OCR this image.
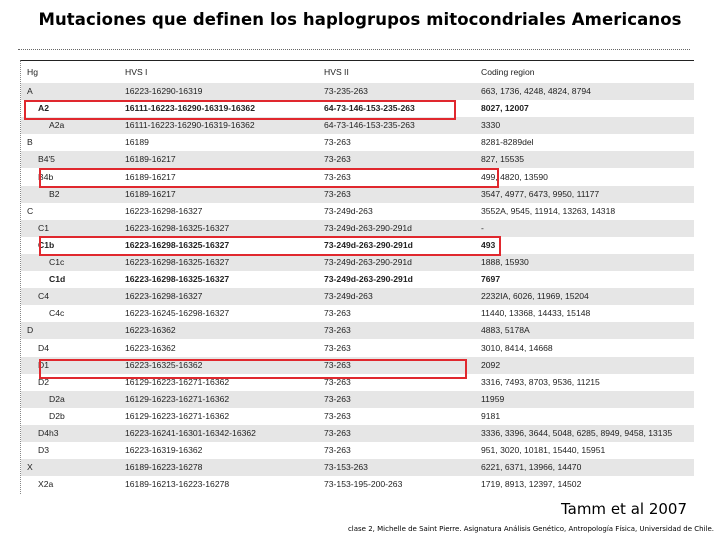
Mutaciones que definen los haplogrupos mitocondriales Americanos
Hg	HVS I	HVS II	Coding region
A	16223-16290-16319	73-235-263	663, 1736, 4248, 4824, 8794
A2	16111-16223-16290-16319-16362	64-73-146-153-235-263	8027, 12007
A2a	16111-16223-16290-16319-16362	64-73-146-153-235-263	3330
B	16189	73-263	8281-8289del
B4'5	16189-16217	73-263	827, 15535
B4b	16189-16217	73-263	499, 4820, 13590
B2	16189-16217	73-263	3547, 4977, 6473, 9950, 11177
C	16223-16298-16327	73-249d-263	3552A, 9545, 11914, 13263, 14318
C1	16223-16298-16325-16327	73-249d-263-290-291d	-
C1b	16223-16298-16325-16327	73-249d-263-290-291d	493
C1c	16223-16298-16325-16327	73-249d-263-290-291d	1888, 15930
C1d	16223-16298-16325-16327	73-249d-263-290-291d	7697
C4	16223-16298-16327	73-249d-263	2232IA, 6026, 11969, 15204
C4c	16223-16245-16298-16327	73-263	11440, 13368, 14433, 15148
D	16223-16362	73-263	4883, 5178A
D4	16223-16362	73-263	3010, 8414, 14668
D1	16223-16325-16362	73-263	2092
D2	16129-16223-16271-16362	73-263	3316, 7493, 8703, 9536, 11215
D2a	16129-16223-16271-16362	73-263	11959
D2b	16129-16223-16271-16362	73-263	9181
D4h3	16223-16241-16301-16342-16362	73-263	3336, 3396, 3644, 5048, 6285, 8949, 9458, 13135
D3	16223-16319-16362	73-263	951, 3020, 10181, 15440, 15951
X	16189-16223-16278	73-153-263	6221, 6371, 13966, 14470
X2a	16189-16213-16223-16278	73-153-195-200-263	1719, 8913, 12397, 14502
Tamm et al 2007
clase 2, Michelle de Saint Pierre. Asignatura Análisis Genético, Antropología Física, Universidad de Chile.
